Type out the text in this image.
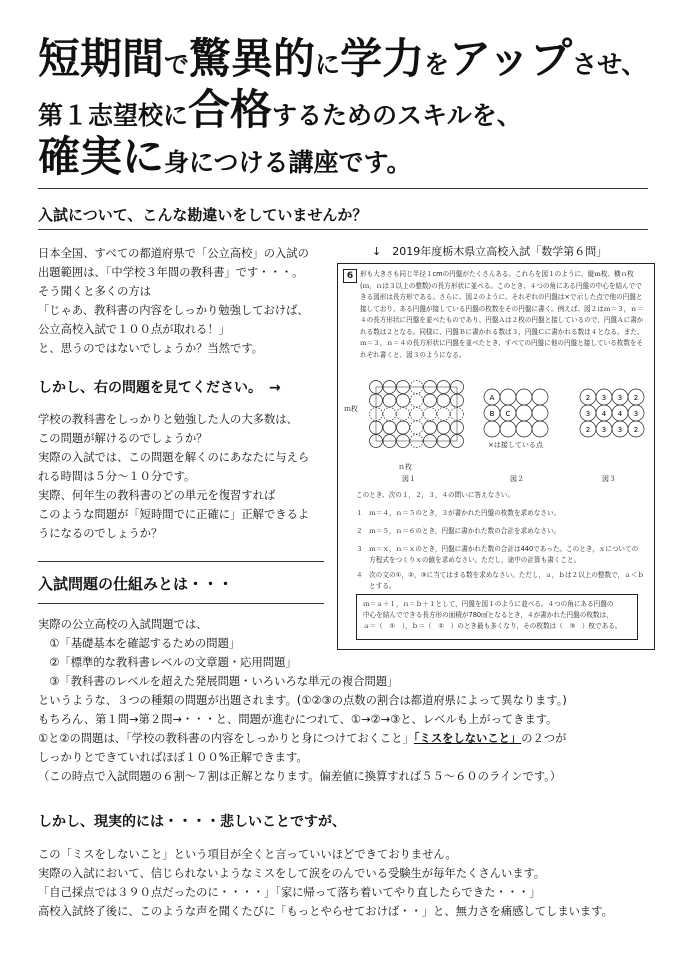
短期間で驚異的に学力をアップさせ、
第１志望校に合格するためのスキルを、
確実に身につける講座です。
入試について、こんな勘違いをしていませんか？
日本全国、すべての都道府県で「公立高校」の入試の
出題範囲は、「中学校３年間の教科書」です・・・。
そう聞くと多くの方は
「じゃあ、教科書の内容をしっかり勉強しておけば、
公立高校入試で１００点が取れる！」
と、思うのではないでしょうか？当然です。
しかし、右の問題を見てください。　→
学校の教科書をしっかりと勉強した人の大多数は、
この問題が解けるのでしょうか？
実際の入試では、この問題を解くのにあなたに与えら
れる時間は５分～１０分です。
実際、何年生の教科書のどの単元を復習すれば
このような問題が「短時間でに正確に」正解できるよ
うになるのでしょうか？
↓　2019年度栃木県立高校入試「数学第６問」
6	形も大きさも同じ半径１cmの円盤がたくさんある。これらを図１のように、縦ｍ枚、横ｎ枚(ｍ，ｎは３以上の整数)の長方形状に並べる。このとき、４つの角にある円盤の中心を結んでできる図形は長方形である。さらに、図２のように、それぞれの円盤は×で示した点で他の円盤と接しており、ある円盤が接している円盤の枚数をその円盤に書く。例えば、図２はｍ＝３，ｎ＝４の長方形状に円盤を並べたものであり、円盤Ａは２枚の円盤と接しているので、円盤Ａに書かれる数は２となる。同様に、円盤Ｂに書かれる数は３，円盤Ｃに書かれる数は４となる。また、ｍ＝３，ｎ＝４の長方形状に円盤を並べたとき、すべての円盤に他の円盤と接している枚数をそれぞれ書くと、図３のようになる。
A
B C
2 3 3 2
3 4 4 3
2 3 3 2
ｍ枚
ｎ枚
×は接している点
図１	図２	図３
このとき、次の１，２，３，４の問いに答えなさい。
１　ｍ＝４，ｎ＝５のとき，３が書かれた円盤の枚数を求めなさい。
２　ｍ＝５，ｎ＝６のとき，円盤に書かれた数の合計を求めなさい。
３　ｍ＝ｘ，ｎ＝ｘのとき，円盤に書かれた数の合計は440であった。このとき，ｘについての
　　方程式をつくりｘの値を求めなさい。ただし，途中の計算も書くこと。
４　次の文の①，②，③に当てはまる数を求めなさい。ただし，ａ，ｂは２以上の整数で，ａ＜ｂ
　　とする。
ｍ＝ａ＋１，ｎ＝ｂ＋１として，円盤を図１のように並べる。４つの角にある円盤の
中心を結んでできる長方形の面積が780㎠となるとき，４が書かれた円盤の枚数は，
ａ＝（　①　），ｂ＝（　②　）のとき最も多くなり，その枚数は（　③　）枚である。
入試問題の仕組みとは・・・
実際の公立高校の入試問題では、
　①「基礎基本を確認するための問題」
　②「標準的な教科書レベルの文章題・応用問題」
　③「教科書のレベルを超えた発展問題・いろいろな単元の複合問題」
というような、３つの種類の問題が出題されます。(①②③の点数の割合は都道府県によって異なります。)
もちろん、第１問→第２問→・・・と、問題が進むにつれて、①→②→③と、レベルも上がってきます。
①と②の問題は、「学校の教科書の内容をしっかりと身につけておくこと」「ミスをしないこと」の２つが
しっかりとできていればほぼ１００%正解できます。
（この時点で入試問題の６割～７割は正解となります。偏差値に換算すれば５５～６０のラインです。）
しかし、現実的には・・・・悲しいことですが、
この「ミスをしないこと」という項目が全くと言っていいほどできておりません。
実際の入試において、信じられないようなミスをして涙をのんでいる受験生が毎年たくさんいます。
「自己採点では３９０点だったのに・・・・」「家に帰って落ち着いてやり直したらできた・・・」
高校入試終了後に、このような声を聞くたびに「もっとやらせておけば・・」と、無力さを痛感してしまいます。
